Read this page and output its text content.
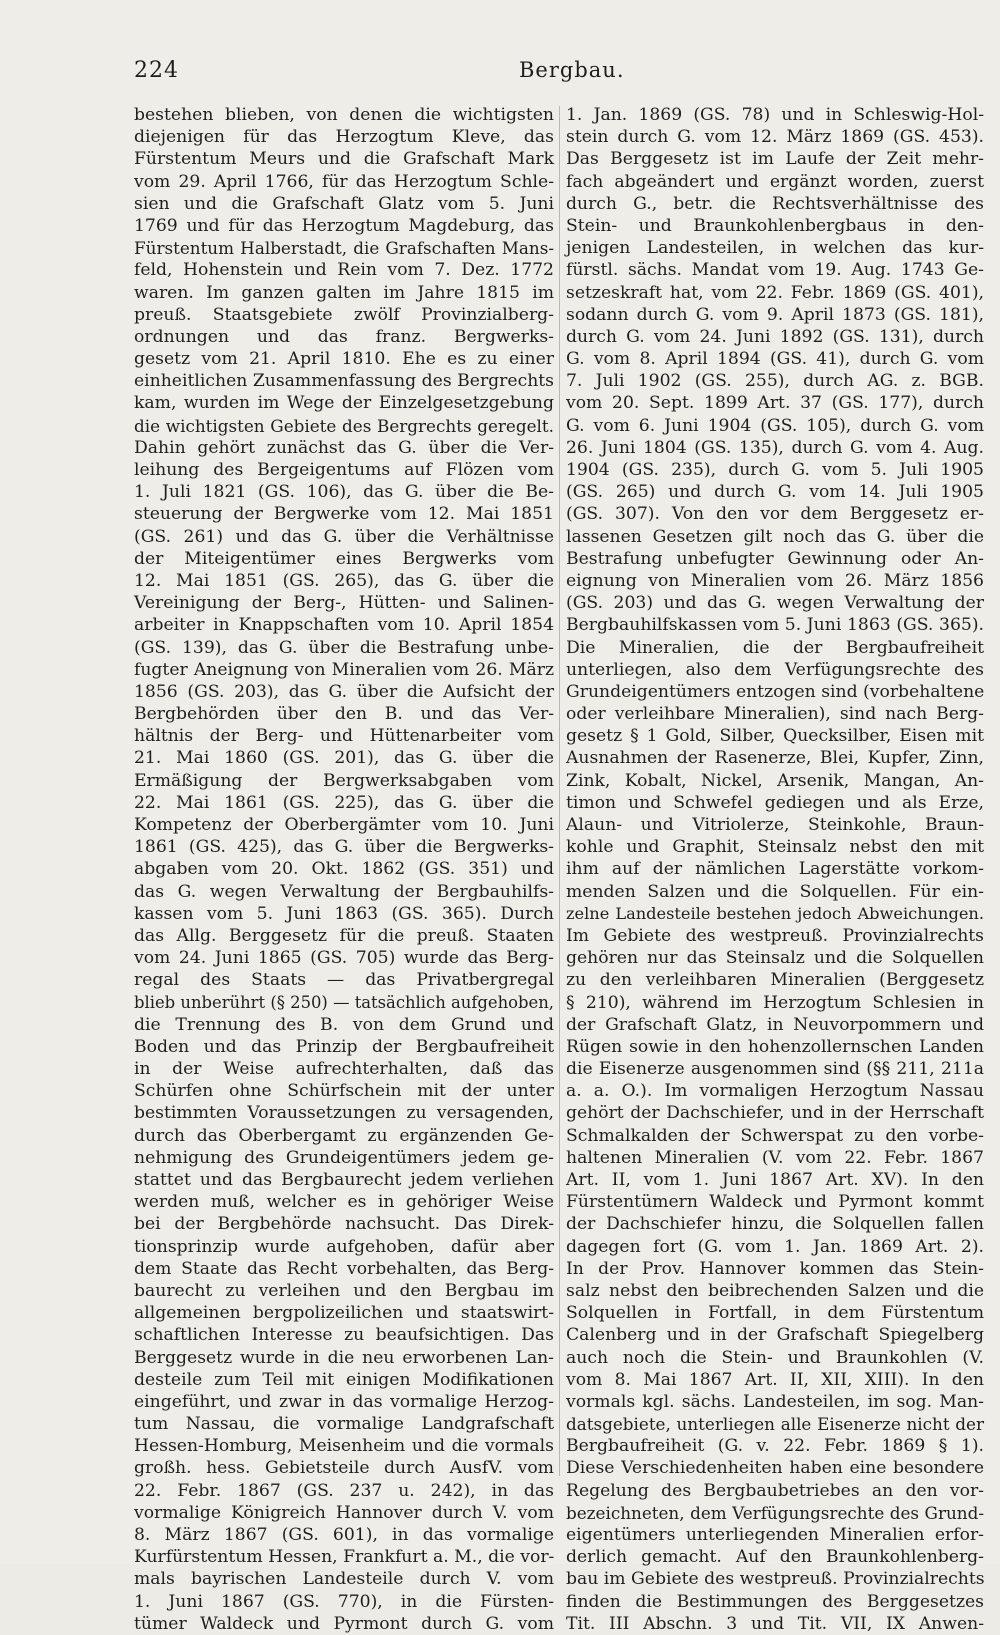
224	Bergbau.
bestehen blieben, von denen die wichtigsten
diejenigen für das Herzogtum Kleve, das
Fürstentum Meurs und die Grafschaft Mark
vom 29. April 1766, für das Herzogtum Schle-
sien und die Grafschaft Glatz vom 5. Juni
1769 und für das Herzogtum Magdeburg, das
Fürstentum Halberstadt, die Grafschaften Mans-
feld, Hohenstein und Rein vom 7. Dez. 1772
waren. Im ganzen galten im Jahre 1815 im
preuß. Staatsgebiete zwölf Provinzialberg-
ordnungen und das franz. Bergwerks-
gesetz vom 21. April 1810. Ehe es zu einer
einheitlichen Zusammenfassung des Bergrechts
kam, wurden im Wege der Einzelgesetzgebung
die wichtigsten Gebiete des Bergrechts geregelt.
Dahin gehört zunächst das G. über die Ver-
leihung des Bergeigentums auf Flözen vom
1. Juli 1821 (GS. 106), das G. über die Be-
steuerung der Bergwerke vom 12. Mai 1851
(GS. 261) und das G. über die Verhältnisse
der Miteigentümer eines Bergwerks vom
12. Mai 1851 (GS. 265), das G. über die
Vereinigung der Berg-, Hütten- und Salinen-
arbeiter in Knappschaften vom 10. April 1854
(GS. 139), das G. über die Bestrafung unbe-
fugter Aneignung von Mineralien vom 26. März
1856 (GS. 203), das G. über die Aufsicht der
Bergbehörden über den B. und das Ver-
hältnis der Berg- und Hüttenarbeiter vom
21. Mai 1860 (GS. 201), das G. über die
Ermäßigung der Bergwerksabgaben vom
22. Mai 1861 (GS. 225), das G. über die
Kompetenz der Oberbergämter vom 10. Juni
1861 (GS. 425), das G. über die Bergwerks-
abgaben vom 20. Okt. 1862 (GS. 351) und
das G. wegen Verwaltung der Bergbauhilfs-
kassen vom 5. Juni 1863 (GS. 365). Durch
das Allg. Berggesetz für die preuß. Staaten
vom 24. Juni 1865 (GS. 705) wurde das Berg-
regal des Staats — das Privatbergregal
blieb unberührt (§ 250) — tatsächlich aufgehoben,
die Trennung des B. von dem Grund und
Boden und das Prinzip der Bergbaufreiheit
in der Weise aufrechterhalten, daß das
Schürfen ohne Schürfschein mit der unter
bestimmten Voraussetzungen zu versagenden,
durch das Oberbergamt zu ergänzenden Ge-
nehmigung des Grundeigentümers jedem ge-
stattet und das Bergbaurecht jedem verliehen
werden muß, welcher es in gehöriger Weise
bei der Bergbehörde nachsucht. Das Direk-
tionsprinzip wurde aufgehoben, dafür aber
dem Staate das Recht vorbehalten, das Berg-
baurecht zu verleihen und den Bergbau im
allgemeinen bergpolizeilichen und staatswirt-
schaftlichen Interesse zu beaufsichtigen. Das
Berggesetz wurde in die neu erworbenen Lan-
desteile zum Teil mit einigen Modifikationen
eingeführt, und zwar in das vormalige Herzog-
tum Nassau, die vormalige Landgrafschaft
Hessen-Homburg, Meisenheim und die vormals
großh. hess. Gebietsteile durch AusfV. vom
22. Febr. 1867 (GS. 237 u. 242), in das
vormalige Königreich Hannover durch V. vom
8. März 1867 (GS. 601), in das vormalige
Kurfürstentum Hessen, Frankfurt a. M., die vor-
mals bayrischen Landesteile durch V. vom
1. Juni 1867 (GS. 770), in die Fürsten-
tümer Waldeck und Pyrmont durch G. vom
1. Jan. 1869 (GS. 78) und in Schleswig-Hol-
stein durch G. vom 12. März 1869 (GS. 453).
Das Berggesetz ist im Laufe der Zeit mehr-
fach abgeändert und ergänzt worden, zuerst
durch G., betr. die Rechtsverhältnisse des
Stein- und Braunkohlenbergbaus in den-
jenigen Landesteilen, in welchen das kur-
fürstl. sächs. Mandat vom 19. Aug. 1743 Ge-
setzeskraft hat, vom 22. Febr. 1869 (GS. 401),
sodann durch G. vom 9. April 1873 (GS. 181),
durch G. vom 24. Juni 1892 (GS. 131), durch
G. vom 8. April 1894 (GS. 41), durch G. vom
7. Juli 1902 (GS. 255), durch AG. z. BGB.
vom 20. Sept. 1899 Art. 37 (GS. 177), durch
G. vom 6. Juni 1904 (GS. 105), durch G. vom
26. Juni 1804 (GS. 135), durch G. vom 4. Aug.
1904 (GS. 235), durch G. vom 5. Juli 1905
(GS. 265) und durch G. vom 14. Juli 1905
(GS. 307). Von den vor dem Berggesetz er-
lassenen Gesetzen gilt noch das G. über die
Bestrafung unbefugter Gewinnung oder An-
eignung von Mineralien vom 26. März 1856
(GS. 203) und das G. wegen Verwaltung der
Bergbauhilfskassen vom 5. Juni 1863 (GS. 365).
Die Mineralien, die der Bergbaufreiheit
unterliegen, also dem Verfügungsrechte des
Grundeigentümers entzogen sind (vorbehaltene
oder verleihbare Mineralien), sind nach Berg-
gesetz § 1 Gold, Silber, Quecksilber, Eisen mit
Ausnahmen der Rasenerze, Blei, Kupfer, Zinn,
Zink, Kobalt, Nickel, Arsenik, Mangan, An-
timon und Schwefel gediegen und als Erze,
Alaun- und Vitriolerze, Steinkohle, Braun-
kohle und Graphit, Steinsalz nebst den mit
ihm auf der nämlichen Lagerstätte vorkom-
menden Salzen und die Solquellen. Für ein-
zelne Landesteile bestehen jedoch Abweichungen.
Im Gebiete des westpreuß. Provinzialrechts
gehören nur das Steinsalz und die Solquellen
zu den verleihbaren Mineralien (Berggesetz
§ 210), während im Herzogtum Schlesien in
der Grafschaft Glatz, in Neuvorpommern und
Rügen sowie in den hohenzollernschen Landen
die Eisenerze ausgenommen sind (§§ 211, 211a
a. a. O.). Im vormaligen Herzogtum Nassau
gehört der Dachschiefer, und in der Herrschaft
Schmalkalden der Schwerspat zu den vorbe-
haltenen Mineralien (V. vom 22. Febr. 1867
Art. II, vom 1. Juni 1867 Art. XV). In den
Fürstentümern Waldeck und Pyrmont kommt
der Dachschiefer hinzu, die Solquellen fallen
dagegen fort (G. vom 1. Jan. 1869 Art. 2).
In der Prov. Hannover kommen das Stein-
salz nebst den beibrechenden Salzen und die
Solquellen in Fortfall, in dem Fürstentum
Calenberg und in der Grafschaft Spiegelberg
auch noch die Stein- und Braunkohlen (V.
vom 8. Mai 1867 Art. II, XII, XIII). In den
vormals kgl. sächs. Landesteilen, im sog. Man-
datsgebiete, unterliegen alle Eisenerze nicht der
Bergbaufreiheit (G. v. 22. Febr. 1869 § 1).
Diese Verschiedenheiten haben eine besondere
Regelung des Bergbaubetriebes an den vor-
bezeichneten, dem Verfügungsrechte des Grund-
eigentümers unterliegenden Mineralien erfor-
derlich gemacht. Auf den Braunkohlenberg-
bau im Gebiete des westpreuß. Provinzialrechts
finden die Bestimmungen des Berggesetzes
Tit. III Abschn. 3 und Tit. VII, IX Anwen-
